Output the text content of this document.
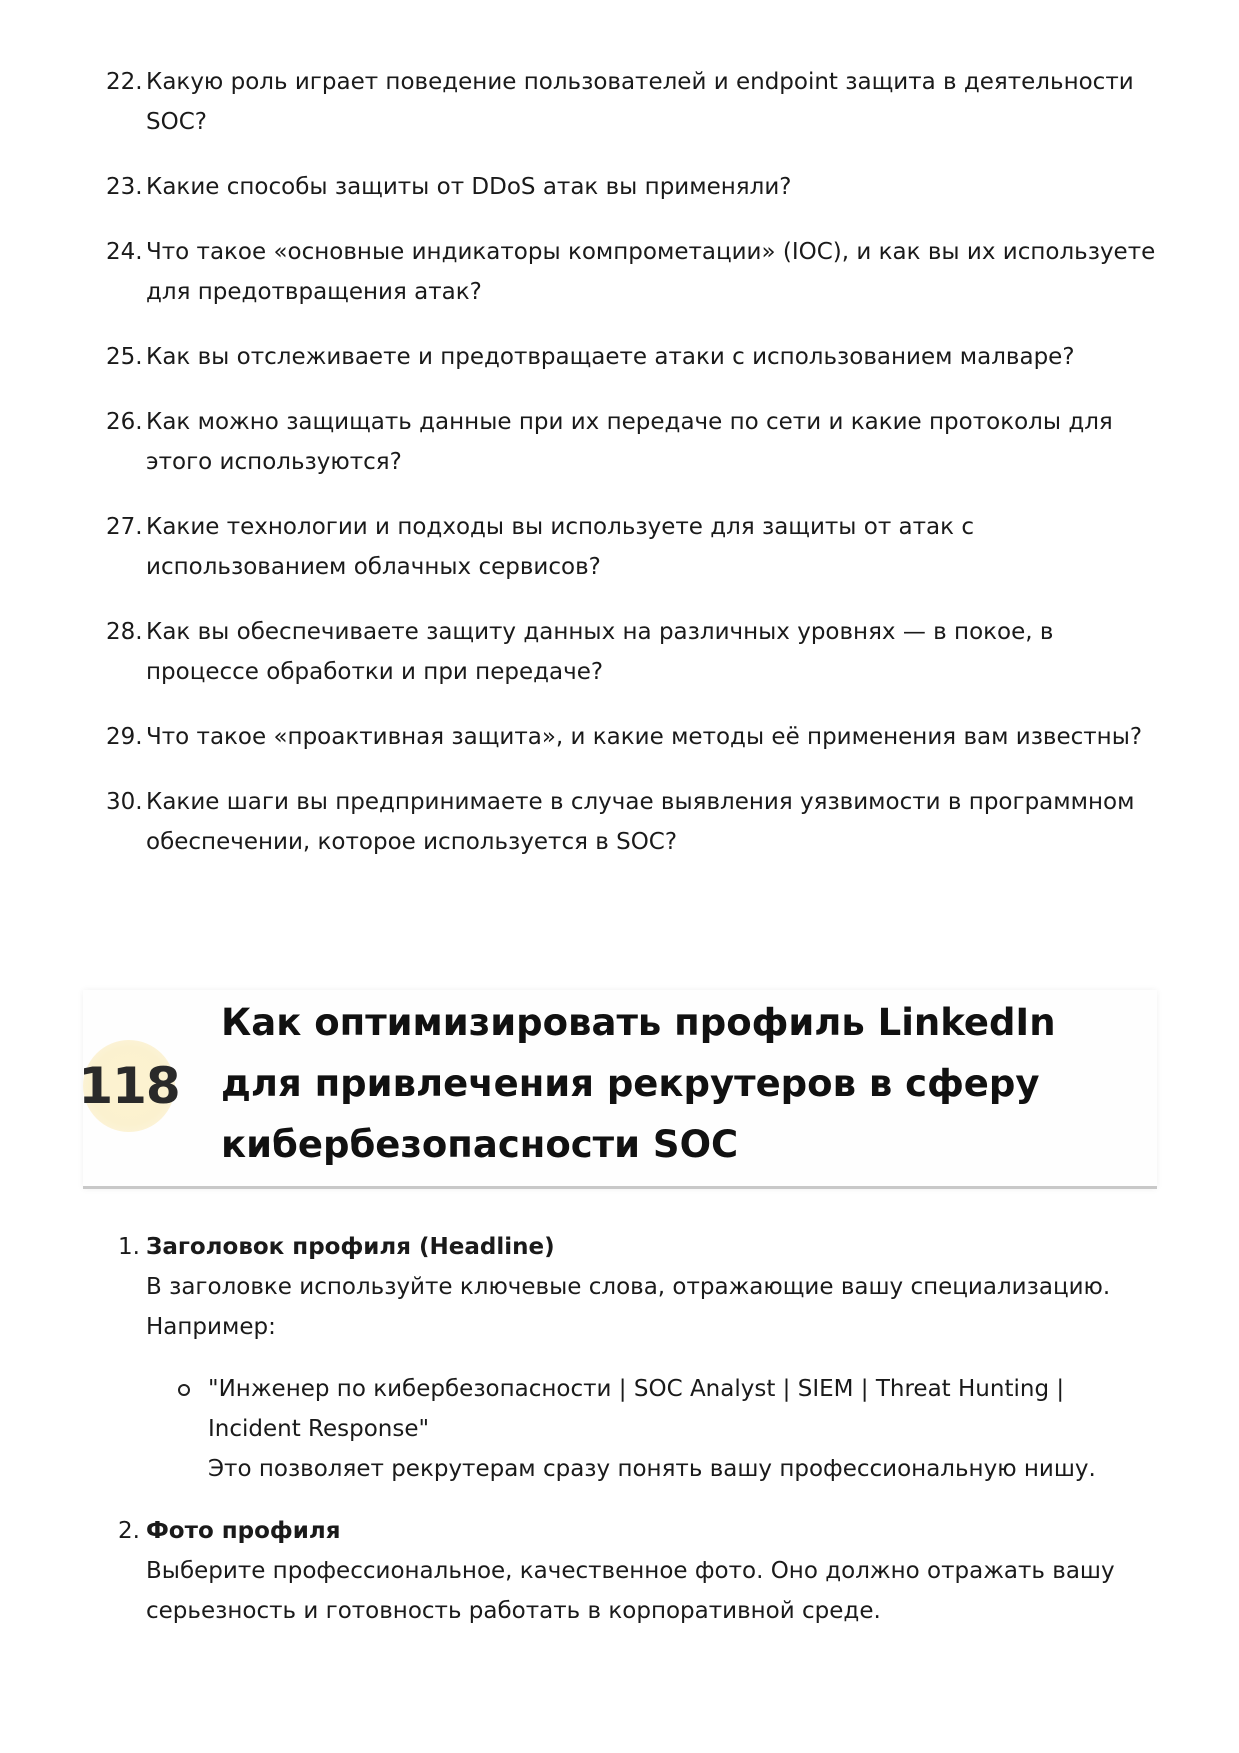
22. Какую роль играет поведение пользователей и endpoint защита в деятельности SOC?
23. Какие способы защиты от DDoS атак вы применяли?
24. Что такое «основные индикаторы компрометации» (IOC), и как вы их используете для предотвращения атак?
25. Как вы отслеживаете и предотвращаете атаки с использованием малваре?
26. Как можно защищать данные при их передаче по сети и какие протоколы для этого используются?
27. Какие технологии и подходы вы используете для защиты от атак с использованием облачных сервисов?
28. Как вы обеспечиваете защиту данных на различных уровнях — в покое, в процессе обработки и при передаче?
29. Что такое «проактивная защита», и какие методы её применения вам известны?
30. Какие шаги вы предпринимаете в случае выявления уязвимости в программном обеспечении, которое используется в SOC?
118
Как оптимизировать профиль LinkedIn для привлечения рекрутеров в сферу кибербезопасности SOC
1. Заголовок профиля (Headline)
В заголовке используйте ключевые слова, отражающие вашу специализацию. Например:
"Инженер по кибербезопасности | SOC Analyst | SIEM | Threat Hunting | Incident Response"
Это позволяет рекрутерам сразу понять вашу профессиональную нишу.
2. Фото профиля
Выберите профессиональное, качественное фото. Оно должно отражать вашу серьезность и готовность работать в корпоративной среде.
